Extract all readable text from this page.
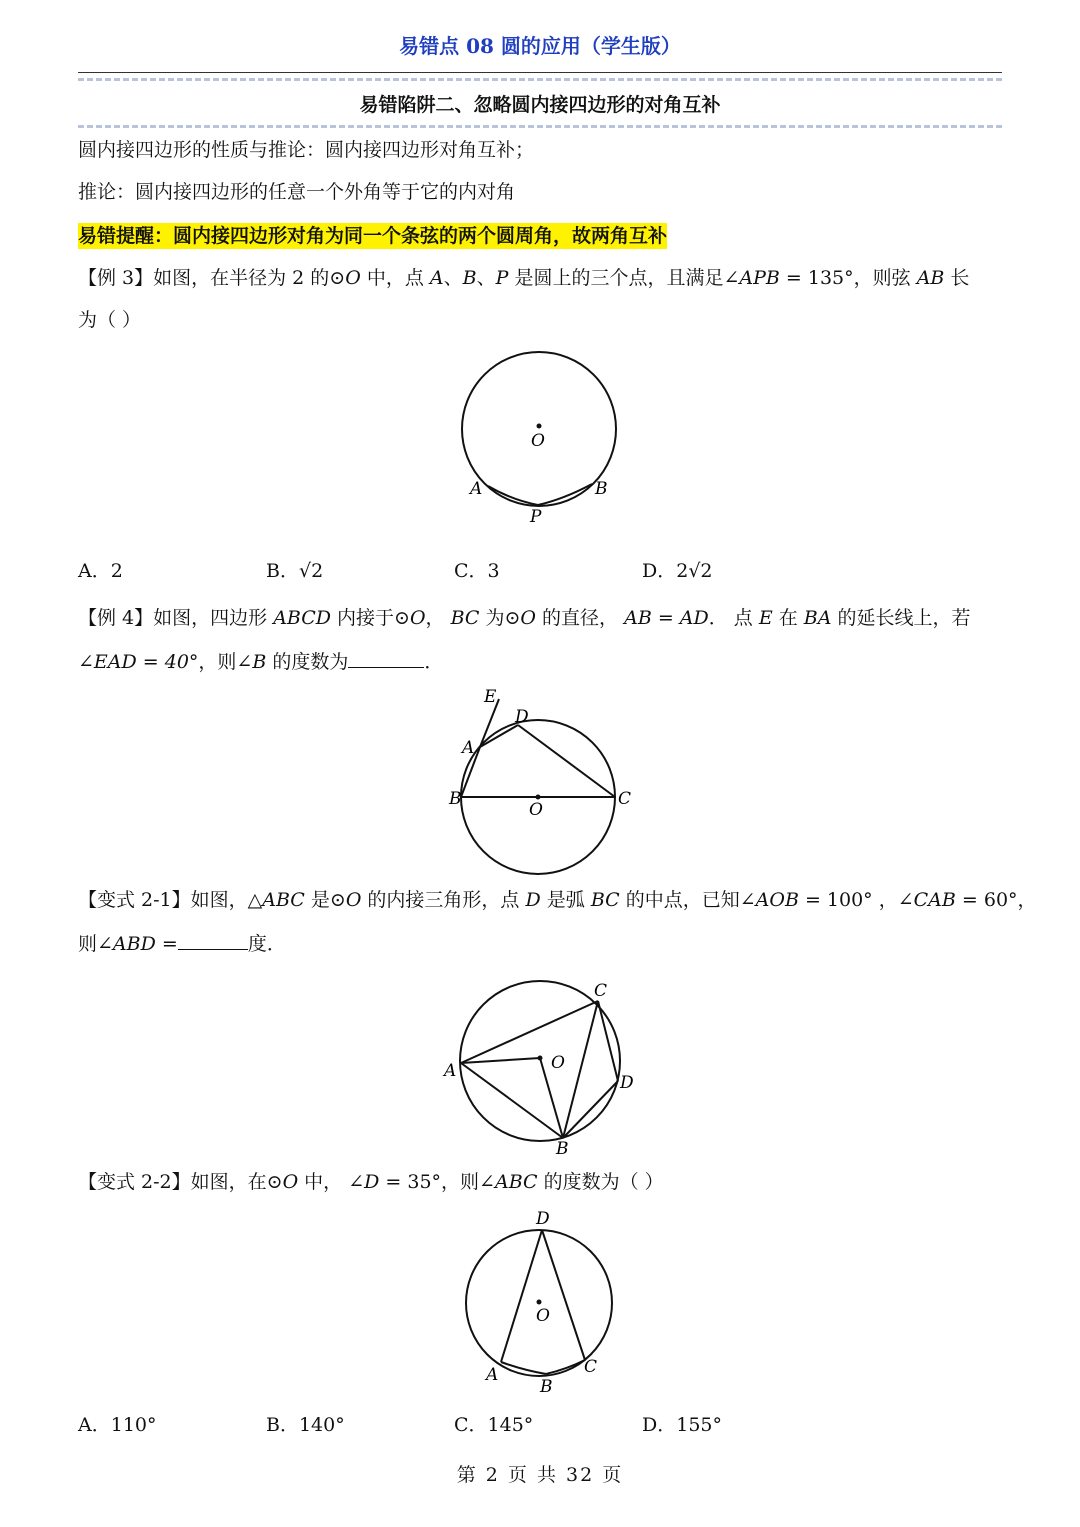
易错点 08 圆的应用（学生版）
易错陷阱二、忽略圆内接四边形的对角互补
圆内接四边形的性质与推论：圆内接四边形对角互补；
推论：圆内接四边形的任意一个外角等于它的内对角
易错提醒：圆内接四边形对角为同一个条弦的两个圆周角，故两角互补
【例 3】如图，在半径为 2 的⊙O 中，点 A、B、P 是圆上的三个点，且满足∠APB = 135°，则弦 AB 长
为（ ）
O
A	B
P
A．2	B．√2	C．3	D．2√2
【例 4】如图，四边形 ABCD 内接于⊙O， BC 为⊙O 的直径， AB = AD． 点 E 在 BA 的延长线上，若
∠EAD = 40°，则∠B 的度数为	．
E
D
A
B
O
C
【变式 2-1】如图，△ABC 是⊙O 的内接三角形，点 D 是弧 BC 的中点，已知∠AOB = 100° ，∠CAB = 60°，
则∠ABD =	度．
C
O
A
D
B
【变式 2-2】如图，在⊙O 中， ∠D = 35°，则∠ABC 的度数为（ ）
D
O
A
B
C
A．110°	B．140°	C．145°	D．155°
第 2 页 共 32 页
